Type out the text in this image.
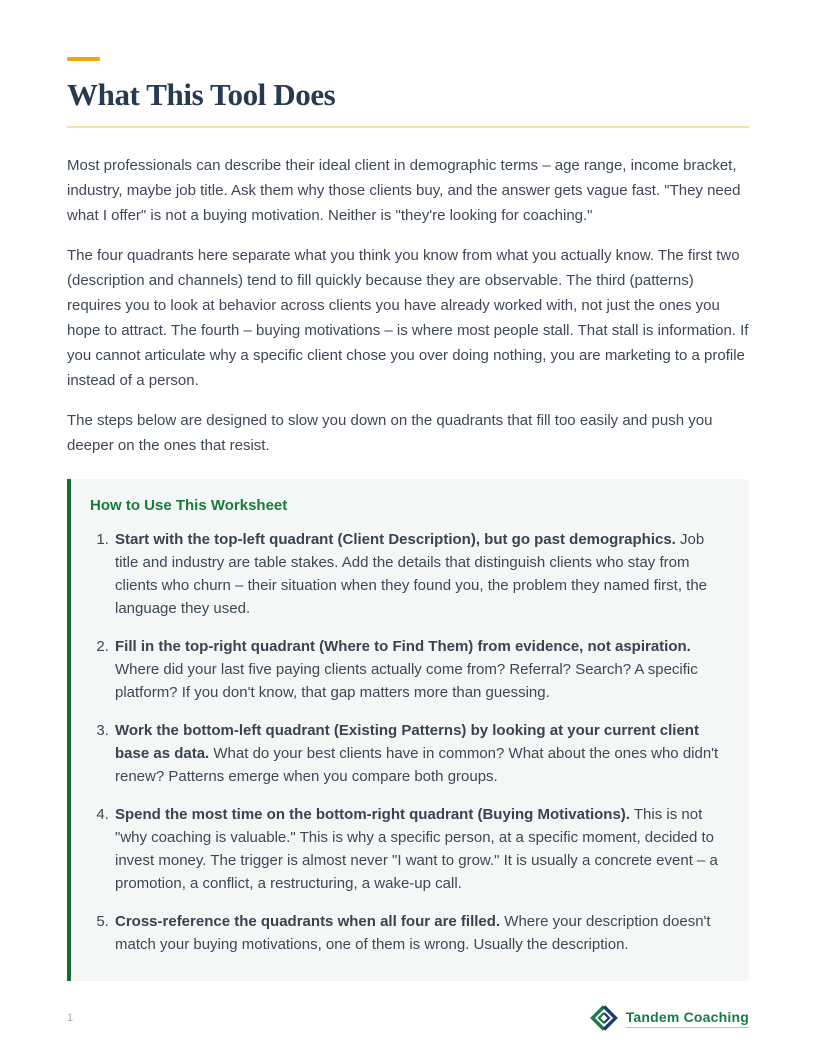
What This Tool Does

Most professionals can describe their ideal client in demographic terms – age range, income bracket, industry, maybe job title. Ask them why those clients buy, and the answer gets vague fast. "They need what I offer" is not a buying motivation. Neither is "they're looking for coaching."

The four quadrants here separate what you think you know from what you actually know. The first two (description and channels) tend to fill quickly because they are observable. The third (patterns) requires you to look at behavior across clients you have already worked with, not just the ones you hope to attract. The fourth – buying motivations – is where most people stall. That stall is information. If you cannot articulate why a specific client chose you over doing nothing, you are marketing to a profile instead of a person.

The steps below are designed to slow you down on the quadrants that fill too easily and push you deeper on the ones that resist.

How to Use This Worksheet

1. Start with the top-left quadrant (Client Description), but go past demographics. Job title and industry are table stakes. Add the details that distinguish clients who stay from clients who churn – their situation when they found you, the problem they named first, the language they used.
2. Fill in the top-right quadrant (Where to Find Them) from evidence, not aspiration. Where did your last five paying clients actually come from? Referral? Search? A specific platform? If you don't know, that gap matters more than guessing.
3. Work the bottom-left quadrant (Existing Patterns) by looking at your current client base as data. What do your best clients have in common? What about the ones who didn't renew? Patterns emerge when you compare both groups.
4. Spend the most time on the bottom-right quadrant (Buying Motivations). This is not "why coaching is valuable." This is why a specific person, at a specific moment, decided to invest money. The trigger is almost never "I want to grow." It is usually a concrete event – a promotion, a conflict, a restructuring, a wake-up call.
5. Cross-reference the quadrants when all four are filled. Where your description doesn't match your buying motivations, one of them is wrong. Usually the description.
1	Tandem Coaching
